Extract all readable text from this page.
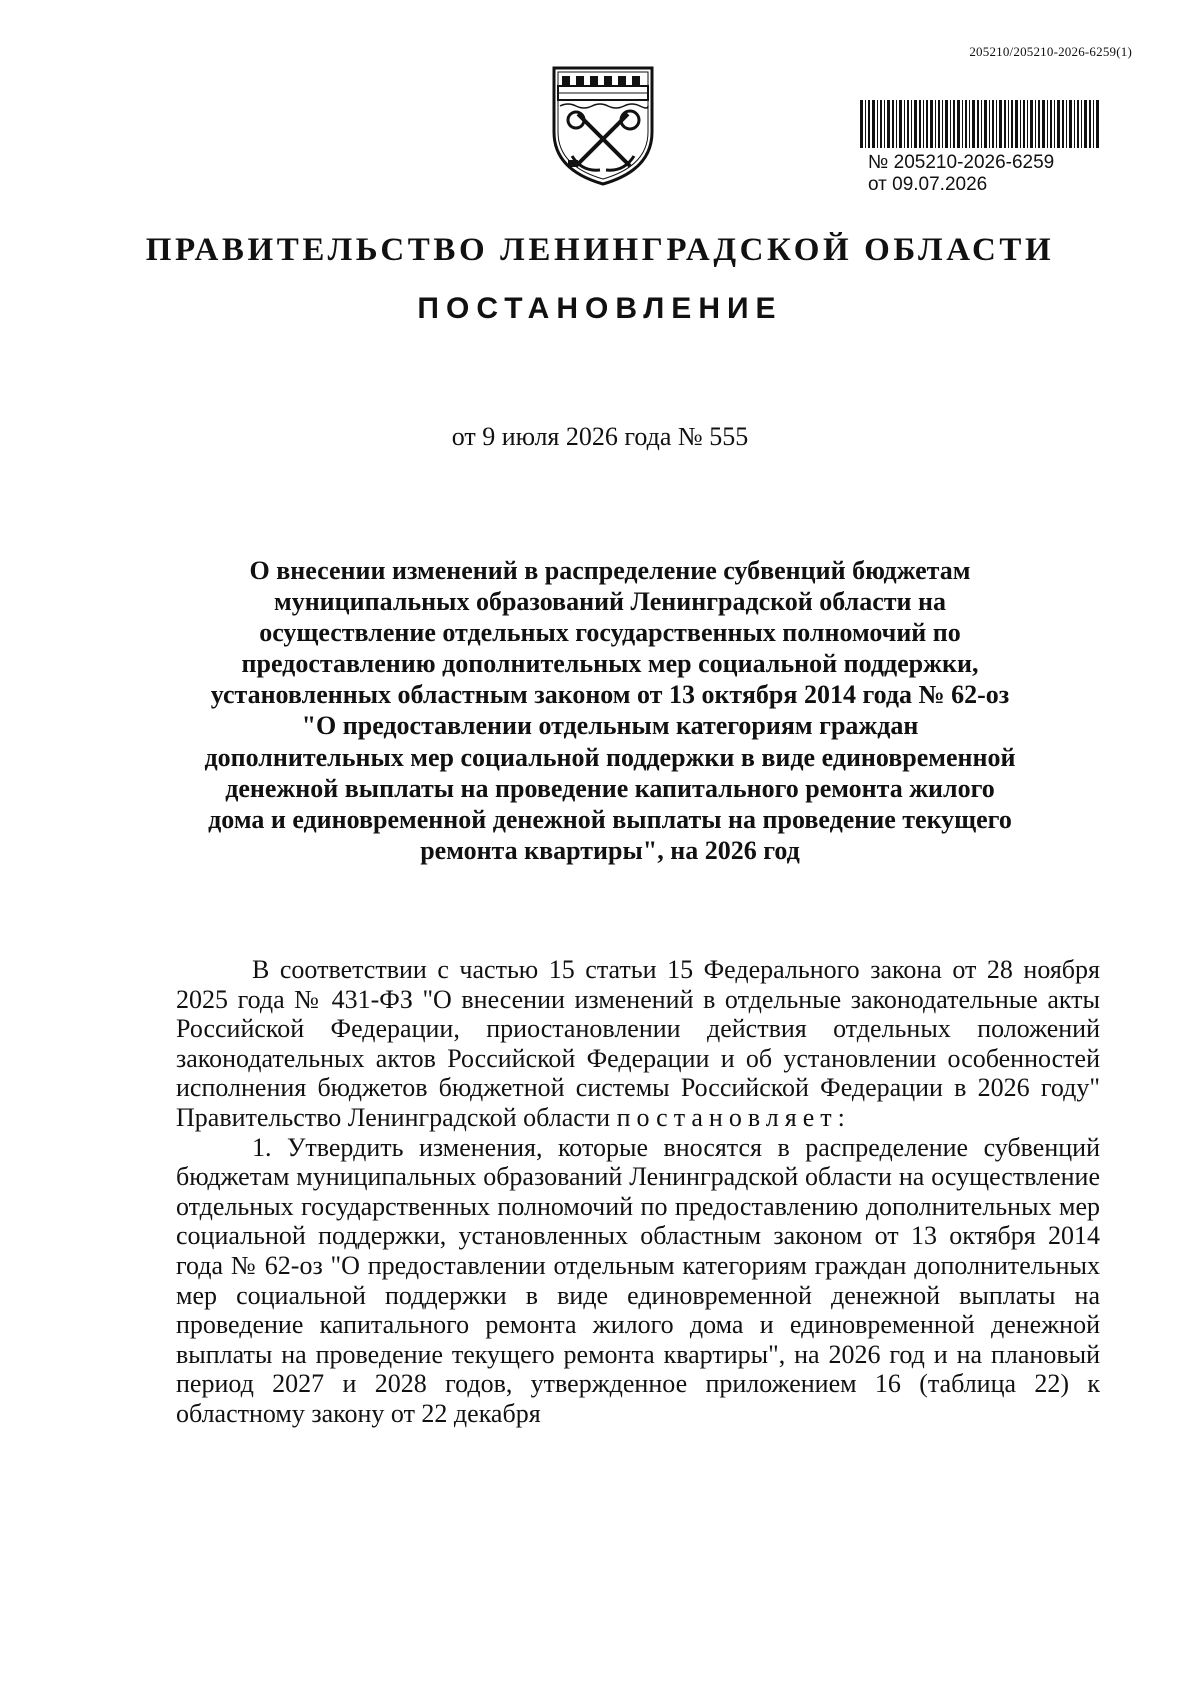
205210/205210-2026-6259(1)
№ 205210-2026-6259
от 09.07.2026
ПРАВИТЕЛЬСТВО ЛЕНИНГРАДСКОЙ ОБЛАСТИ
ПОСТАНОВЛЕНИЕ
от 9 июля 2026 года № 555
О внесении изменений в распределение субвенций бюджетам муниципальных образований Ленинградской области на осуществление отдельных государственных полномочий по предоставлению дополнительных мер социальной поддержки, установленных областным законом от 13 октября 2014 года № 62-оз "О предоставлении отдельным категориям граждан дополнительных мер социальной поддержки в виде единовременной денежной выплаты на проведение капитального ремонта жилого дома и единовременной денежной выплаты на проведение текущего ремонта квартиры", на 2026 год

В соответствии с частью 15 статьи 15 Федерального закона от 28 ноября 2025 года № 431-ФЗ "О внесении изменений в отдельные законодательные акты Российской Федерации, приостановлении действия отдельных положений законодательных актов Российской Федерации и об установлении особенностей исполнения бюджетов бюджетной системы Российской Федерации в 2026 году" Правительство Ленинградской области постановляет:

1. Утвердить изменения, которые вносятся в распределение субвенций бюджетам муниципальных образований Ленинградской области на осуществление отдельных государственных полномочий по предоставлению дополнительных мер социальной поддержки, установленных областным законом от 13 октября 2014 года № 62-оз "О предоставлении отдельным категориям граждан дополнительных мер социальной поддержки в виде единовременной денежной выплаты на проведение капитального ремонта жилого дома и единовременной денежной выплаты на проведение текущего ремонта квартиры", на 2026 год и на плановый период 2027 и 2028 годов, утвержденное приложением 16 (таблица 22) к областному закону от 22 декабря
